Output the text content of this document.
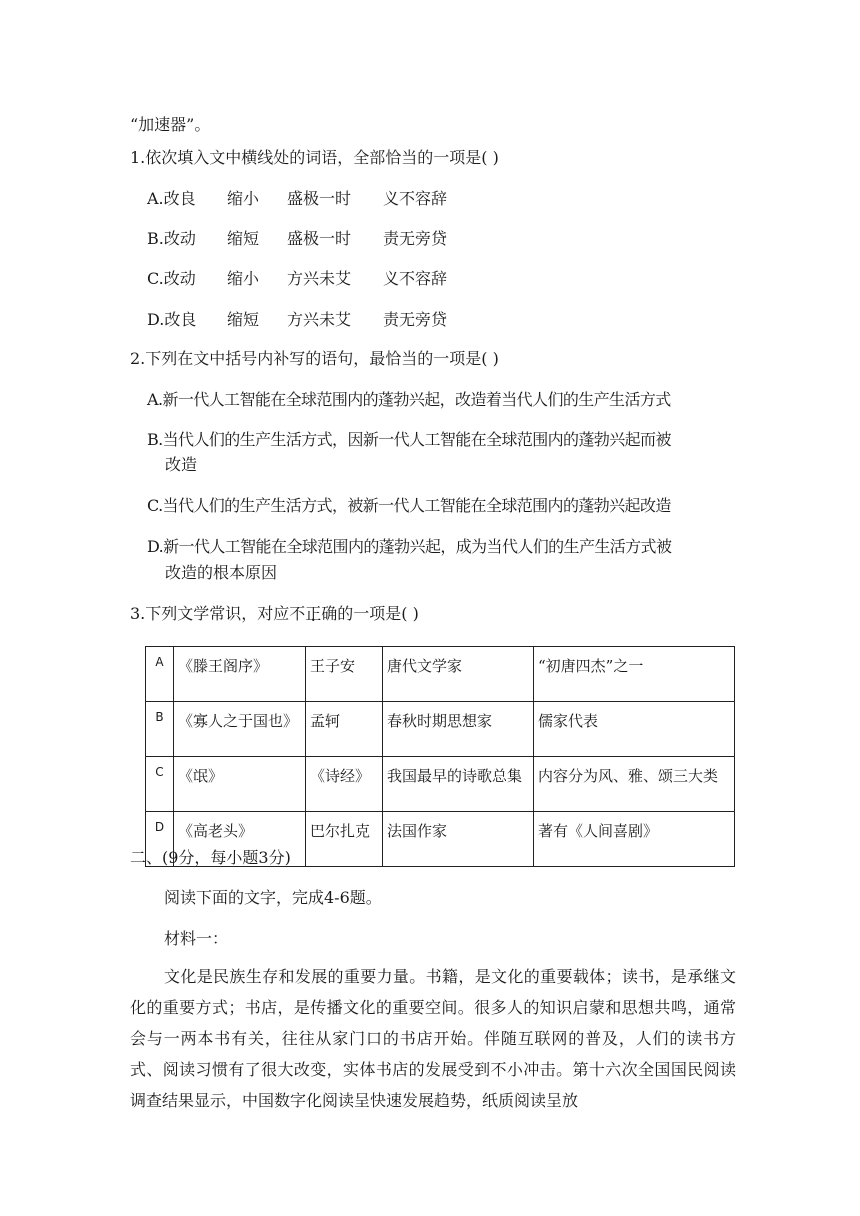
“加速器”。
1.依次填入文中横线处的词语，全部恰当的一项是( )
A.改良 缩小 盛极一时 义不容辞
B.改动 缩短 盛极一时 责无旁贷
C.改动 缩小 方兴未艾 义不容辞
D.改良 缩短 方兴未艾 责无旁贷
2.下列在文中括号内补写的语句，最恰当的一项是( )
A.新一代人工智能在全球范围内的蓬勃兴起，改造着当代人们的生产生活方式
B.当代人们的生产生活方式，因新一代人工智能在全球范围内的蓬勃兴起而被
改造
C.当代人们的生产生活方式，被新一代人工智能在全球范围内的蓬勃兴起改造
D.新一代人工智能在全球范围内的蓬勃兴起，成为当代人们的生产生活方式被
改造的根本原因
3.下列文学常识，对应不正确的一项是( )
A	《滕王阁序》	王子安	唐代文学家	“初唐四杰”之一
B	《寡人之于国也》	孟轲	春秋时期思想家	儒家代表
C	《氓》	《诗经》	我国最早的诗歌总集	内容分为风、雅、颂三大类
D	《高老头》	巴尔扎克	法国作家	著有《人间喜剧》
二、(9分，每小题3分)
阅读下面的文字，完成4-6题。
材料一：
文化是民族生存和发展的重要力量。书籍，是文化的重要载体；读书，是承继文化的重要方式；书店，是传播文化的重要空间。很多人的知识启蒙和思想共鸣，通常会与一两本书有关，往往从家门口的书店开始。伴随互联网的普及，人们的读书方式、阅读习惯有了很大改变，实体书店的发展受到不小冲击。第十六次全国国民阅读调查结果显示，中国数字化阅读呈快速发展趋势，纸质阅读呈放
